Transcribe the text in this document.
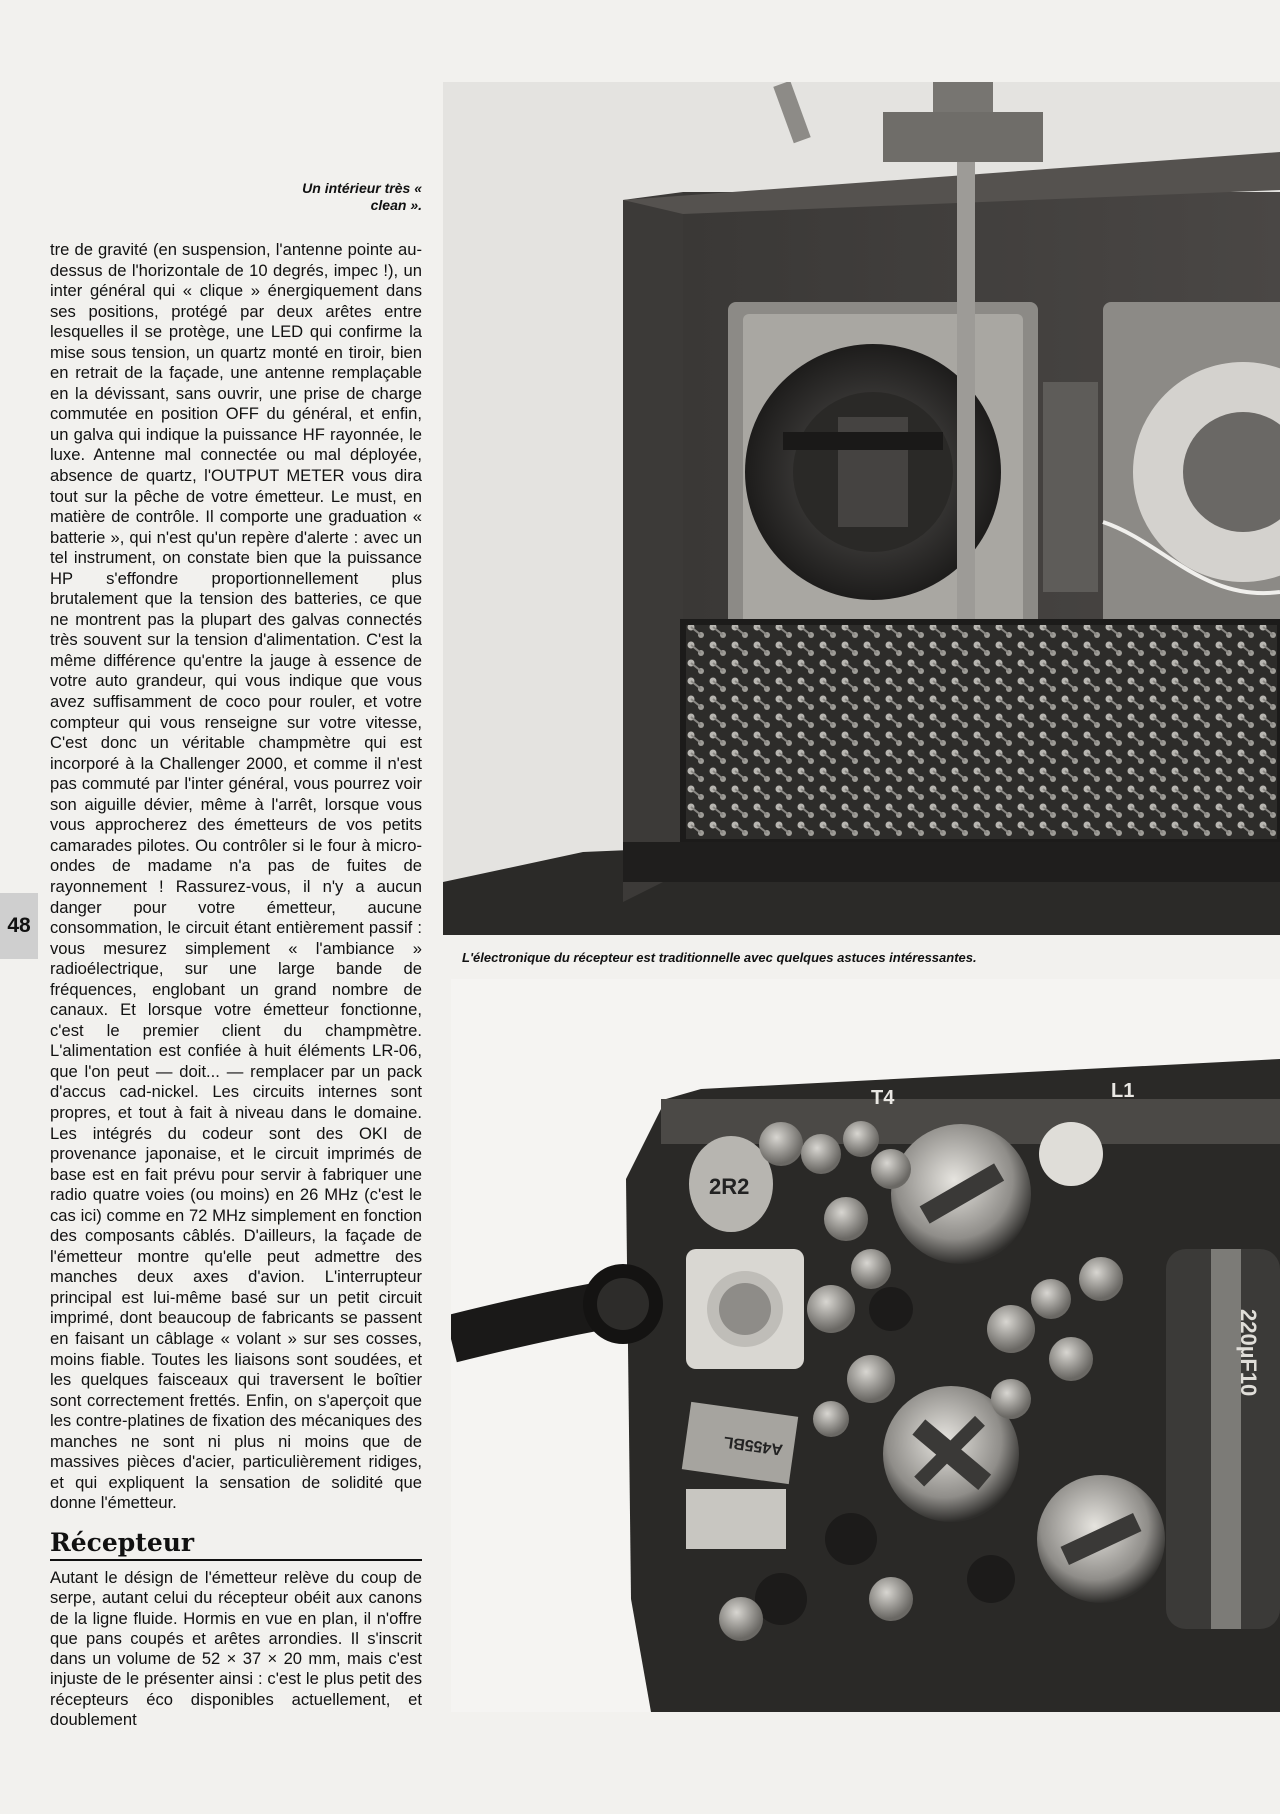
Un intérieur très « clean ».

tre de gravité (en suspension, l'antenne pointe au-dessus de l'horizontale de 10 degrés, impec !), un inter général qui « clique » énergiquement dans ses positions, protégé par deux arêtes entre lesquelles il se protège, une LED qui confirme la mise sous tension, un quartz monté en tiroir, bien en retrait de la façade, une antenne remplaçable en la dévissant, sans ouvrir, une prise de charge commutée en position OFF du général, et enfin, un galva qui indique la puissance HF rayonnée, le luxe. Antenne mal connectée ou mal déployée, absence de quartz, l'OUTPUT METER vous dira tout sur la pêche de votre émetteur. Le must, en matière de contrôle. Il comporte une graduation « batterie », qui n'est qu'un repère d'alerte : avec un tel instrument, on constate bien que la puissance HP s'effondre proportionnellement plus brutalement que la tension des batteries, ce que ne montrent pas la plupart des galvas connectés très souvent sur la tension d'alimentation. C'est la même différence qu'entre la jauge à essence de votre auto grandeur, qui vous indique que vous avez suffisamment de coco pour rouler, et votre compteur qui vous renseigne sur votre vitesse, C'est donc un véritable champmètre qui est incorporé à la Challenger 2000, et comme il n'est pas commuté par l'inter général, vous pourrez voir son aiguille dévier, même à l'arrêt, lorsque vous vous approcherez des émetteurs de vos petits camarades pilotes. Ou contrôler si le four à micro-ondes de madame n'a pas de fuites de rayonnement ! Rassurez-vous, il n'y a aucun danger pour votre émetteur, aucune consommation, le circuit étant entièrement passif : vous mesurez simplement « l'ambiance » radioélectrique, sur une large bande de fréquences, englobant un grand nombre de canaux. Et lorsque votre émetteur fonctionne, c'est le premier client du champmètre. L'alimentation est confiée à huit éléments LR-06, que l'on peut — doit... — remplacer par un pack d'accus cad-nickel. Les circuits internes sont propres, et tout à fait à niveau dans le domaine. Les intégrés du codeur sont des OKI de provenance japonaise, et le circuit imprimés de base est en fait prévu pour servir à fabriquer une radio quatre voies (ou moins) en 26 MHz (c'est le cas ici) comme en 72 MHz simplement en fonction des composants câblés. D'ailleurs, la façade de l'émetteur montre qu'elle peut admettre des manches deux axes d'avion. L'interrupteur principal est lui-même basé sur un petit circuit imprimé, dont beaucoup de fabricants se passent en faisant un câblage « volant » sur ses cosses, moins fiable. Toutes les liaisons sont soudées, et les quelques faisceaux qui traversent le boîtier sont correctement frettés. Enfin, on s'aperçoit que les contre-platines de fixation des mécaniques des manches ne sont ni plus ni moins que de massives pièces d'acier, particulièrement ridiges, et qui expliquent la sensation de solidité que donne l'émetteur.

48
Récepteur

Autant le désign de l'émetteur relève du coup de serpe, autant celui du récepteur obéit aux canons de la ligne fluide. Hormis en vue en plan, il n'offre que pans coupés et arêtes arrondies. Il s'inscrit dans un volume de 52 × 37 × 20 mm, mais c'est injuste de le présenter ainsi : c'est le plus petit des récepteurs éco disponibles actuellement, et doublement

L'électronique du récepteur est traditionnelle avec quelques astuces intéressantes.
2R2
A455BL
220µF10
T4	L1
